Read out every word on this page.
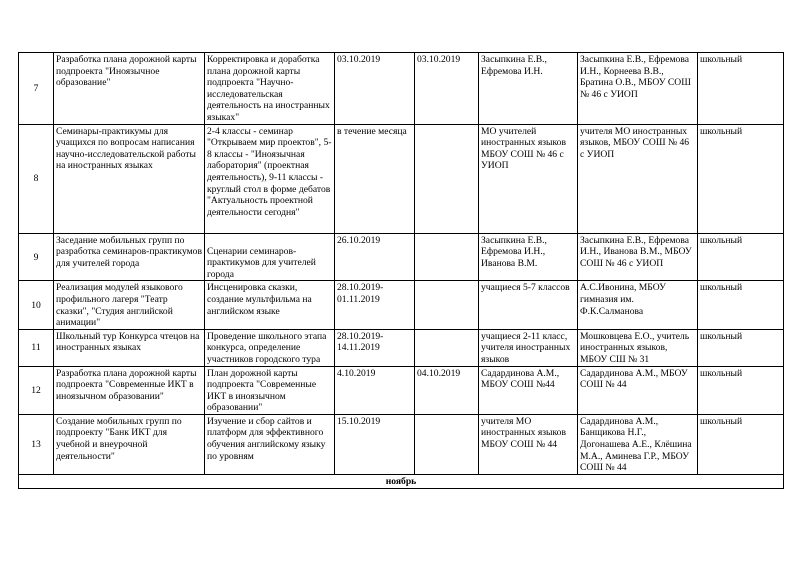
7	Разработка плана дорожной карты подпроекта "Иноязычное образование"	Корректировка и доработка плана дорожной карты подпроекта "Научно-исследовательская деятельность на иностранных языках"	03.10.2019	03.10.2019	Засыпкина Е.В., Ефремова И.Н.	Засыпкина Е.В., Ефремова И.Н., Корнеева В.В., Братина О.В., МБОУ СОШ № 46 с УИОП	школьный
8	Семинары-практикумы для учащихся по вопросам написания научно-исследовательской работы на иностранных языках	2-4 классы - семинар "Открываем мир проектов", 5-8 классы - "Иноязычная лаборатория" (проектная деятельность), 9-11 классы - круглый стол в форме дебатов "Актуальность проектной деятельности сегодня"	в течение месяца		МО учителей иностранных языков МБОУ СОШ № 46 с УИОП	учителя МО иностранных языков, МБОУ СОШ № 46 с УИОП	школьный
9	Заседание мобильных групп по разработка семинаров-практикумов для учителей города	Сценарии семинаров-практикумов для учителей города	26.10.2019		Засыпкина Е.В., Ефремова И.Н., Иванова В.М.	Засыпкина Е.В., Ефремова И.Н., Иванова В.М., МБОУ СОШ № 46 с УИОП	школьный
10	Реализация модулей языкового профильного лагеря "Театр сказки", "Студия английской анимации"	Инсценировка сказки, создание мультфильма на английском языке	28.10.2019-01.11.2019		учащиеся 5-7 классов	А.С.Ивонина, МБОУ гимназия им. Ф.К.Салманова	школьный
11	Школьный тур Конкурса чтецов на иностранных языках	Проведение школьного этапа конкурса, определение участников городского тура	28.10.2019-14.11.2019		учащиеся 2-11 класс, учителя иностранных языков	Мошковцева Е.О., учитель иностранных языков, МБОУ СШ № 31	школьный
12	Разработка плана дорожной карты подпроекта "Современные ИКТ в иноязычном образовании"	План дорожной карты подпроекта "Современные ИКТ в иноязычном образовании"	4.10.2019	04.10.2019	Садардинова А.М., МБОУ СОШ №44	Садардинова А.М., МБОУ СОШ № 44	школьный
13	Создание мобильных групп по подпроекту "Банк ИКТ для учебной и внеурочной деятельности"	Изучение и сбор сайтов и платформ для эффективного обучения английскому языку по уровням	15.10.2019		учителя МО иностранных языков МБОУ СОШ № 44	Садардинова А.М., Банщикова Н.Г., Догонашева А.Е., Клёшина М.А., Аминева Г.Р., МБОУ СОШ № 44	школьный
ноябрь							
